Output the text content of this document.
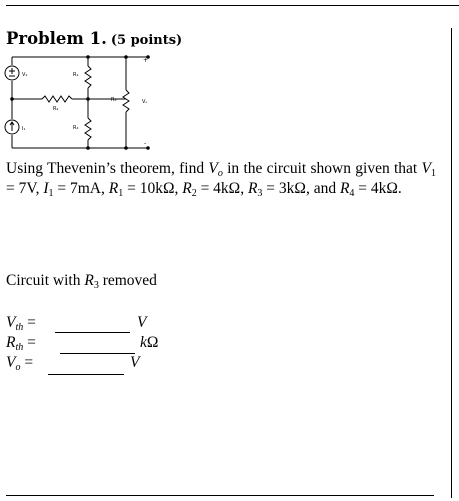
Problem 1. (5 points)
V₁	R₁
R₂
R₃
R₄
I₁
Vₒ
+
-
Using Thevenin’s theorem, find $V_o$ in the circuit shown given that $V_1 = 7V$, $I_1 = 7mA$, $R_1 = 10k\Omega$, $R_2 = 4k\Omega$, $R_3 = 3k\Omega$, and $R_4 = 4k\Omega$.
Circuit with $R_3$ removed
$V_{th}$ =	V
$R_{th}$ =	kΩ
$V_o$ =	V
